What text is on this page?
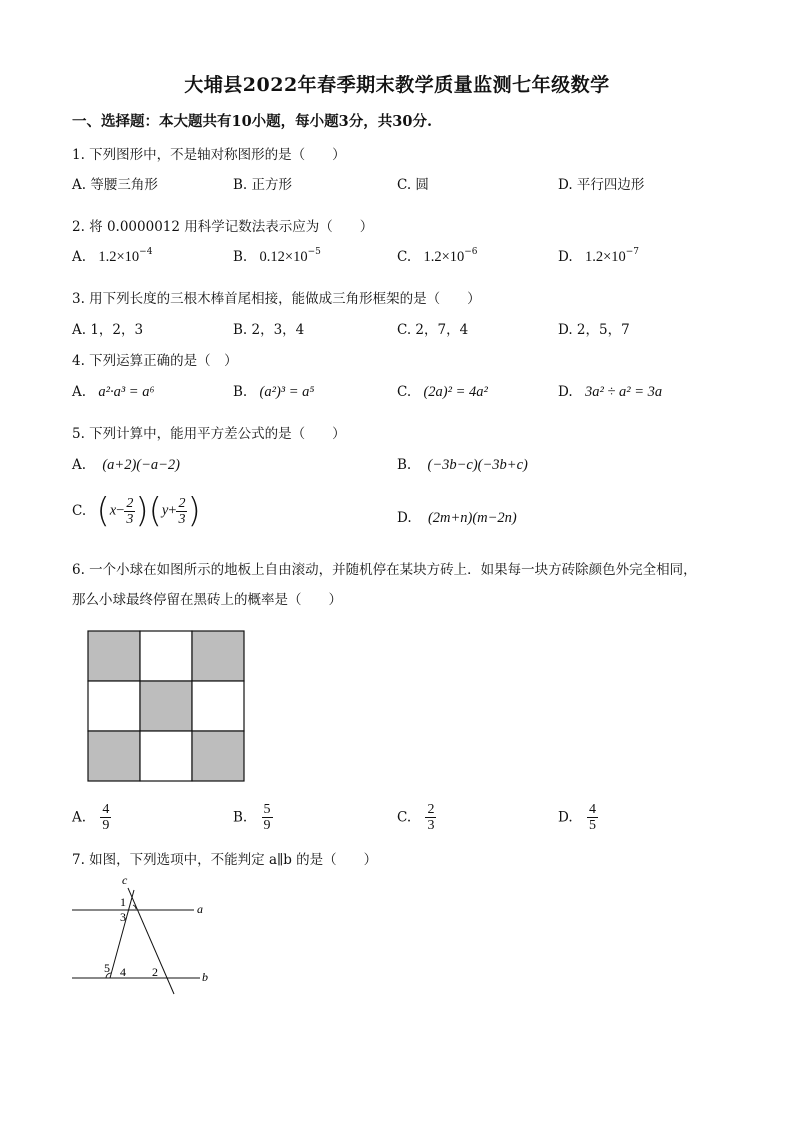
大埔县2022年春季期末教学质量监测七年级数学
一、选择题：本大题共有10小题，每小题3分，共30分.
1. 下列图形中，不是轴对称图形的是（　　）
A. 等腰三角形	B. 正方形	C. 圆	D. 平行四边形
2. 将 0.0000012 用科学记数法表示应为（　　）
A. $1.2\times 10^{-4}$	B. $0.12\times 10^{-5}$	C. $1.2\times 10^{-6}$	D. $1.2\times 10^{-7}$
3. 用下列长度的三根木棒首尾相接，能做成三角形框架的是（　　）
A. 1，2，3	B. 2，3，4	C. 2，7，4	D. 2，5，7
4. 下列运算正确的是（　）
A. a²·a³ = a⁶	B. (a²)³ = a⁵	C. (2a)² = 4a²	D. 3a² ÷ a² = 3a
5. 下列计算中，能用平方差公式的是（　　）
A. (a+2)(−a−2)	B. (−3b−c)(−3b+c)
C. $(x- \frac{2}{3} )(y+ \frac{2}{3}$ )	D. (2m+n)(m−2n)
6. 一个小球在如图所示的地板上自由滚动，并随机停在某块方砖上．如果每一块方砖除颜色外完全相同，
那么小球最终停留在黑砖上的概率是（　　）
A. $\frac{4}{9}$	B. $\frac{5}{9}$	C. $\frac{2}{3}$	D. $\frac{4}{5}$
7. 如图，下列选项中，不能判定 a∥b 的是（　　）
c
a
b
1
3
5 4 2
